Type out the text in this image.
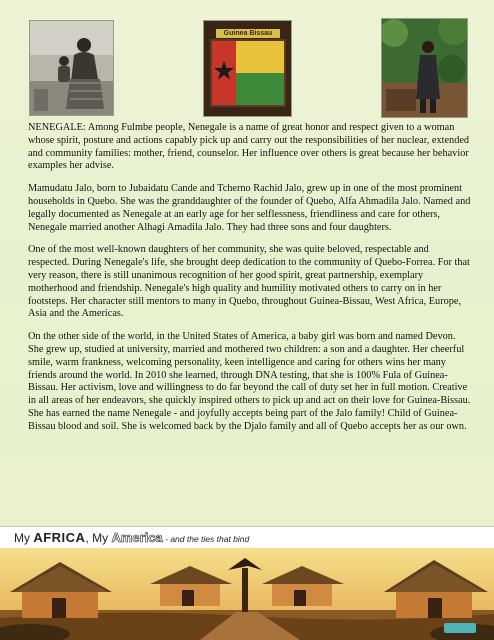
Guinea Bissau

NENEGALE: Among Fulmbe people, Nenegale is a name of great honor and respect given to a woman whose spirit, posture and actions capably pick up and carry out the responsibilities of her nuclear, extended and community families: mother, friend, counselor. Her influence over others is great because her behavior examples her advise.

Mamudatu Jalo, born to Jubaidatu Cande and Tcherno Rachid Jalo, grew up in one of the most prominent households in Quebo. She was the granddaughter of the founder of Quebo, Alfa Ahmadila Jalo. Named and legally documented as Nenegale at an early age for her selflessness, friendliness and care for others, Nenegale married another Alhagi Amadila Jalo. They had three sons and four daughters.

One of the most well-known daughters of her community, she was quite beloved, respectable and respected. During Nenegale's life, she brought deep dedication to the community of Quebo-Forrea. For that very reason, there is still unanimous recognition of her good spirit, great partnership, exemplary motherhood and friendship. Nenegale's high quality and humility motivated others to carry on in her footsteps. Her character still mentors to many in Quebo, throughout Guinea-Bissau, West Africa, Europe, Asia and the Americas.

On the other side of the world, in the United States of America, a baby girl was born and named Devon. She grew up, studied at university, married and mothered two children: a son and a daughter. Her cheerful smile, warm frankness, welcoming personality, keen intelligence and caring for others wins her many friends around the world. In 2010 she learned, through DNA testing, that she is 100% Fula of Guinea-Bissau. Her activism, love and willingness to do far beyond the call of duty set her in full motion. Creative in all areas of her endeavors, she quickly inspired others to pick up and act on their love for Guinea-Bissau. She has earned the name Nenegale - and joyfully accepts being part of the Jalo family! Child of Guinea-Bissau blood and soil. She is welcomed back by the Djalo family and all of Quebo accepts her as our own.

My AFRICA, My America - and the ties that bind
